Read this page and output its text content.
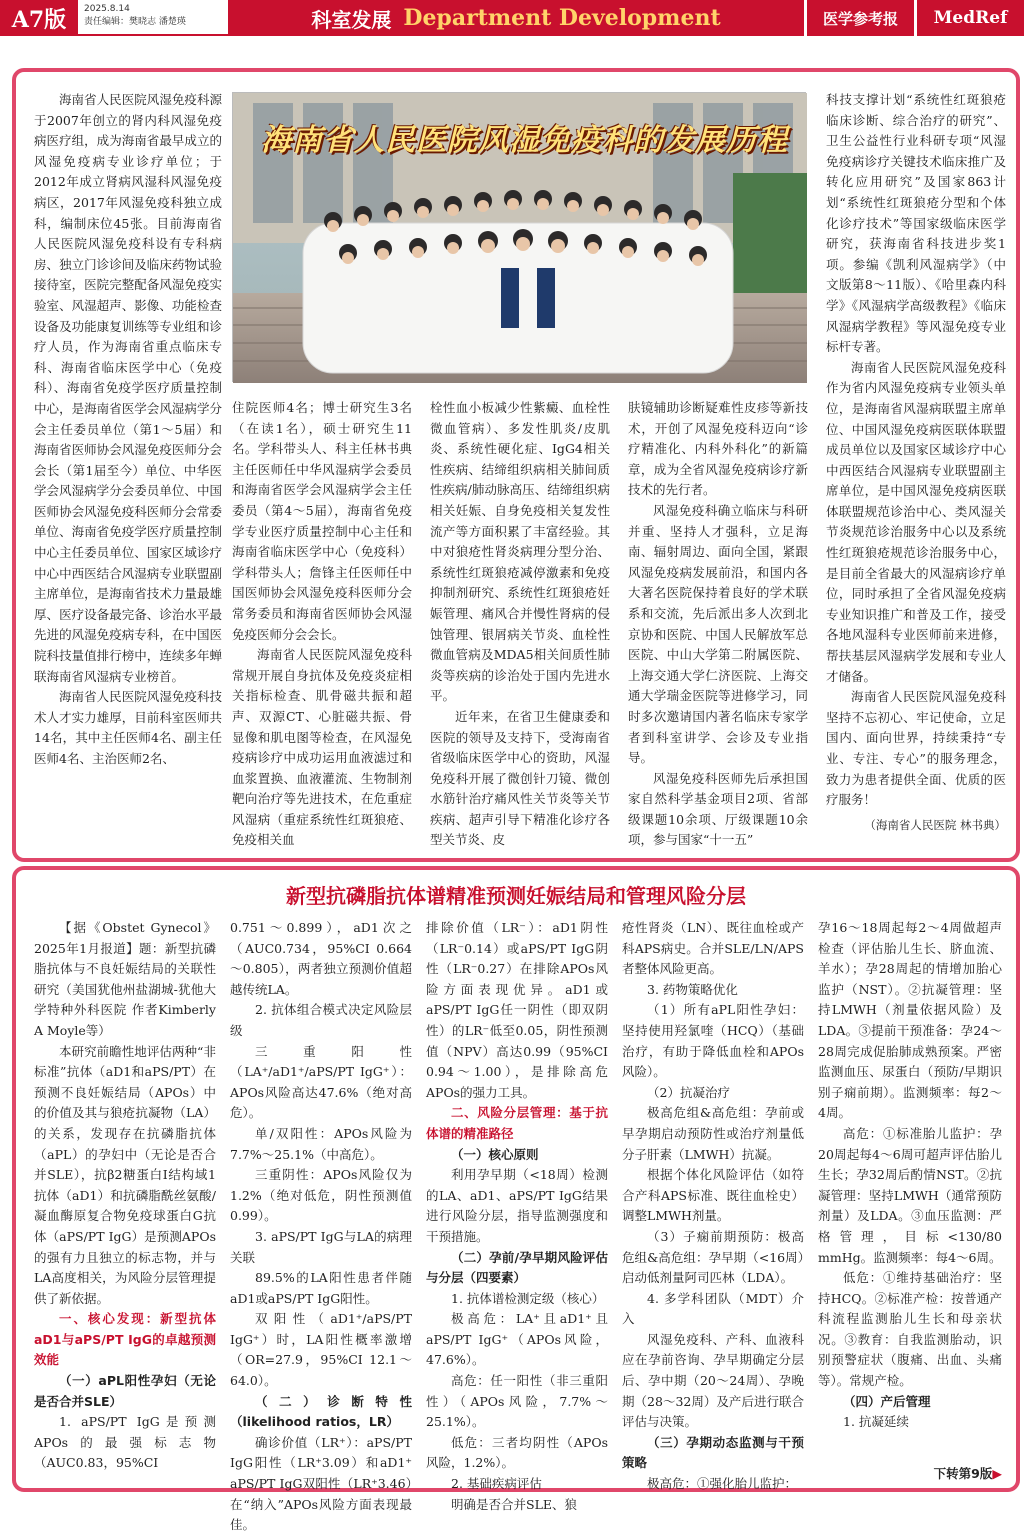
A7版	2025.8.14
责任编辑：樊晓志 潘楚瑛	科室发展 Department Development	医学参考报	MedRef

海南省人民医院风湿免疫科源于2007年创立的肾内科风湿免疫病医疗组，成为海南省最早成立的风湿免疫病专业诊疗单位；于2012年成立肾病风湿科风湿免疫病区，2017年风湿免疫科独立成科，编制床位45张。目前海南省人民医院风湿免疫科设有专科病房、独立门诊诊间及临床药物试验接待室，医院完整配备风湿免疫实验室、风湿超声、影像、功能检查设备及功能康复训练等专业组和诊疗人员，作为海南省重点临床专科、海南省临床医学中心（免疫科）、海南省免疫学医疗质量控制中心，是海南省医学会风湿病学分会主任委员单位（第1～5届）和海南省医师协会风湿免疫医师分会会长（第1届至今）单位、中华医学会风湿病学分会委员单位、中国医师协会风湿免疫科医师分会常委单位、海南省免疫学医疗质量控制中心主任委员单位、国家区域诊疗中心中西医结合风湿病专业联盟副主席单位，是海南省技术力量最雄厚、医疗设备最完备、诊治水平最先进的风湿免疫病专科，在中国医院科技量值排行榜中，连续多年蝉联海南省风湿病专业榜首。

海南省人民医院风湿免疫科技术人才实力雄厚，目前科室医师共14名，其中主任医师4名、副主任医师4名、主治医师2名、

海南省人民医院风湿免疫科的发展历程

住院医师4名；博士研究生3名（在读1名），硕士研究生11名。学科带头人、科主任林书典主任医师任中华风湿病学会委员和海南省医学会风湿病学会主任委员（第4～5届），海南省免疫学专业医疗质量控制中心主任和海南省临床医学中心（免疫科）学科带头人；詹锋主任医师任中国医师协会风湿免疫科医师分会常务委员和海南省医师协会风湿免疫医师分会会长。

海南省人民医院风湿免疫科常规开展自身抗体及免疫炎症相关指标检查、肌骨磁共振和超声、双源CT、心脏磁共振、骨显像和肌电图等检查，在风湿免疫病诊疗中成功运用血液滤过和血浆置换、血液灌流、生物制剂靶向治疗等先进技术，在危重症风湿病（重症系统性红斑狼疮、免疫相关血

栓性血小板减少性紫癜、血栓性微血管病）、多发性肌炎/皮肌炎、系统性硬化症、IgG4相关性疾病、结缔组织病相关肺间质性疾病/肺动脉高压、结缔组织病相关妊娠、自身免疫相关复发性流产等方面积累了丰富经验。其中对狼疮性肾炎病理分型分治、系统性红斑狼疮减停激素和免疫抑制剂研究、系统性红斑狼疮妊娠管理、痛风合并慢性肾病的侵蚀管理、银屑病关节炎、血栓性微血管病及MDA5相关间质性肺炎等疾病的诊治处于国内先进水平。

近年来，在省卫生健康委和医院的领导及支持下，受海南省省级临床医学中心的资助，风湿免疫科开展了微创针刀镜、微创水筋针治疗痛风性关节炎等关节疾病、超声引导下精准化诊疗各型关节炎、皮

肤镜辅助诊断疑难性皮疹等新技术，开创了风湿免疫科迈向“诊疗精准化、内科外科化”的新篇章，成为全省风湿免疫病诊疗新技术的先行者。

风湿免疫科确立临床与科研并重、坚持人才强科，立足海南、辐射周边、面向全国，紧跟风湿免疫病发展前沿，和国内各大著名医院保持着良好的学术联系和交流，先后派出多人次到北京协和医院、中国人民解放军总医院、中山大学第二附属医院、上海交通大学仁济医院、上海交通大学瑞金医院等进修学习，同时多次邀请国内著名临床专家学者到科室讲学、会诊及专业指导。

风湿免疫科医师先后承担国家自然科学基金项目2项、省部级课题10余项、厅级课题10余项，参与国家“十一五”

科技支撑计划“系统性红斑狼疮临床诊断、综合治疗的研究”、卫生公益性行业科研专项“风湿免疫病诊疗关键技术临床推广及转化应用研究”及国家863计划“系统性红斑狼疮分型和个体化诊疗技术”等国家级临床医学研究，获海南省科技进步奖1项。参编《凯利风湿病学》（中文版第8～11版）、《哈里森内科学》《风湿病学高级教程》《临床风湿病学教程》等风湿免疫专业标杆专著。

海南省人民医院风湿免疫科作为省内风湿免疫病专业领头单位，是海南省风湿病联盟主席单位、中国风湿免疫病医联体联盟成员单位以及国家区域诊疗中心中西医结合风湿病专业联盟副主席单位，是中国风湿免疫病医联体联盟规范诊治中心、类风湿关节炎规范诊治服务中心以及系统性红斑狼疮规范诊治服务中心，是目前全省最大的风湿病诊疗单位，同时承担了全省风湿免疫病专业知识推广和普及工作，接受各地风湿科专业医师前来进修，帮扶基层风湿病学发展和专业人才储备。

海南省人民医院风湿免疫科坚持不忘初心、牢记使命，立足国内、面向世界，持续秉持“专业、专注、专心”的服务理念，致力为患者提供全面、优质的医疗服务！

（海南省人民医院 林书典）
新型抗磷脂抗体谱精准预测妊娠结局和管理风险分层

【据《Obstet Gynecol》2025年1月报道】题：新型抗磷脂抗体与不良妊娠结局的关联性研究（美国犹他州盐湖城-犹他大学特种外科医院 作者Kimberly A Moyle等）

本研究前瞻性地评估两种“非标准”抗体（aD1和aPS/PT）在预测不良妊娠结局（APOs）中的价值及其与狼疮抗凝物（LA）的关系，发现存在抗磷脂抗体（aPL）的孕妇中（无论是否合并SLE），抗β2糖蛋白Ⅰ结构域1抗体（aD1）和抗磷脂酰丝氨酸/凝血酶原复合物免疫球蛋白G抗体（aPS/PT IgG）是预测APOs的强有力且独立的标志物，并与LA高度相关，为风险分层管理提供了新依据。

一、核心发现：新型抗体aD1与aPS/PT IgG的卓越预测效能

（一）aPL阳性孕妇（无论是否合并SLE）

1. aPS/PT IgG是预测APOs的最强标志物（AUC0.83，95%CI

0.751～0.899），aD1次之（AUC0.734，95%CI 0.664～0.805），两者独立预测价值超越传统LA。

2. 抗体组合模式决定风险层级

三重阳性（LA⁺/aD1⁺/aPS/PT IgG⁺）：APOs风险高达47.6%（绝对高危）。

单/双阳性：APOs风险为7.7%～25.1%（中高危）。

三重阴性：APOs风险仅为1.2%（绝对低危，阴性预测值0.99）。

3. aPS/PT IgG与LA的病理关联

89.5%的LA阳性患者伴随aD1或aPS/PT IgG阳性。

双阳性（aD1⁺/aPS/PT IgG⁺）时，LA阳性概率激增（OR=27.9，95%CI 12.1～64.0）。

（二）诊断特性（likelihood ratios，LR）

确诊价值（LR⁺）：aPS/PT IgG阳性（LR⁺3.09）和aD1⁺ aPS/PT IgG双阳性（LR⁺3.46）在“纳入”APOs风险方面表现最佳。

排除价值（LR⁻）：aD1阴性（LR⁻0.14）或aPS/PT IgG阴性（LR⁻0.27）在排除APOs风险方面表现优异。aD1或aPS/PT IgG任一阴性（即双阴性）的LR⁻低至0.05，阴性预测值（NPV）高达0.99（95%CI 0.94～1.00），是排除高危APOs的强力工具。

二、风险分层管理：基于抗体谱的精准路径

（一）核心原则

利用孕早期（<18周）检测的LA、aD1、aPS/PT IgG结果进行风险分层，指导监测强度和干预措施。

（二）孕前/孕早期风险评估与分层（四要素）

1. 抗体谱检测定级（核心）

极高危：LA⁺且aD1⁺且aPS/PT IgG⁺（APOs风险，47.6%）。

高危：任一阳性（非三重阳性）（APOs风险，7.7%～25.1%）。

低危：三者均阴性（APOs风险，1.2%）。

2. 基础疾病评估

明确是否合并SLE、狼

疮性肾炎（LN）、既往血栓或产科APS病史。合并SLE/LN/APS者整体风险更高。

3. 药物策略优化

（1）所有aPL阳性孕妇：坚持使用羟氯喹（HCQ）（基础治疗，有助于降低血栓和APOs风险）。

（2）抗凝治疗

极高危组&高危组：孕前或早孕期启动预防性或治疗剂量低分子肝素（LMWH）抗凝。

根据个体化风险评估（如符合产科APS标准、既往血栓史）调整LMWH剂量。

（3）子痫前期预防：极高危组&高危组：孕早期（<16周）启动低剂量阿司匹林（LDA）。

4. 多学科团队（MDT）介入

风湿免疫科、产科、血液科应在孕前咨询、孕早期确定分层后、孕中期（20～24周）、孕晚期（28～32周）及产后进行联合评估与决策。

（三）孕期动态监测与干预策略

极高危：①强化胎儿监护：

孕16～18周起每2～4周做超声检查（评估胎儿生长、脐血流、羊水）；孕28周起的情增加胎心监护（NST）。②抗凝管理：坚持LMWH（剂量依据风险）及LDA。③提前干预准备：孕24～28周完成促胎肺成熟预案。严密监测血压、尿蛋白（预防/早期识别子痫前期）。监测频率：每2～4周。

高危：①标准胎儿监护：孕20周起每4～6周可超声评估胎儿生长；孕32周后酌情NST。②抗凝管理：坚持LMWH（通常预防剂量）及LDA。③血压监测：严格管理，目标<130/80 mmHg。监测频率：每4～6周。

低危：①维持基础治疗：坚持HCQ。②标准产检：按普通产科流程监测胎儿生长和母亲状况。③教育：自我监测胎动，识别预警症状（腹痛、出血、头痛等）。常规产检。

（四）产后管理

1. 抗凝延续

下转第9版▶
